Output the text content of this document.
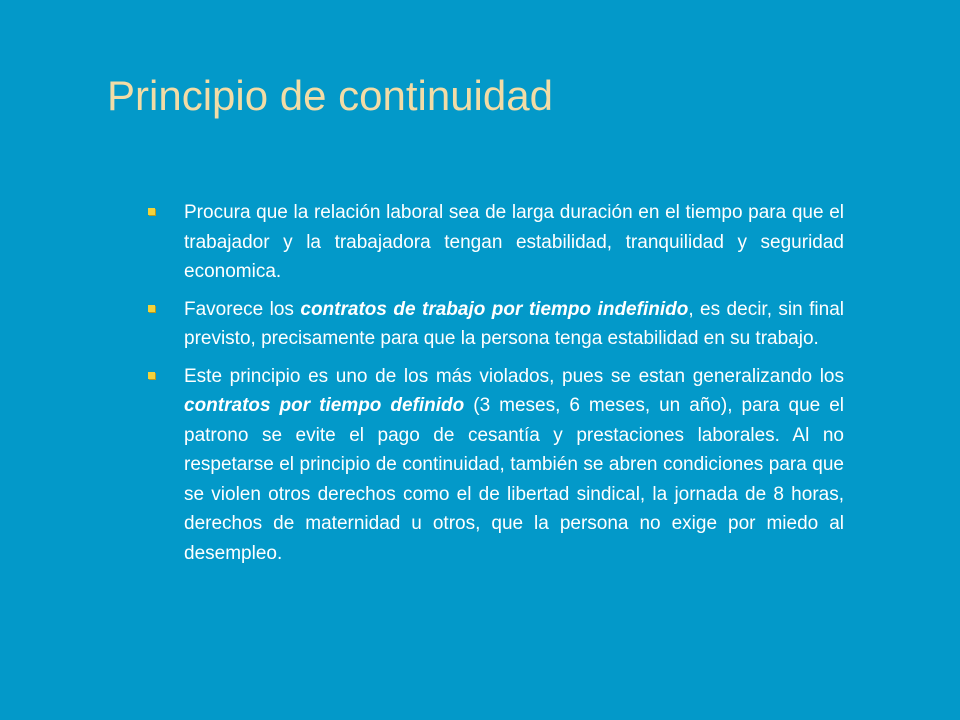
Principio de continuidad
Procura que la relación laboral sea de larga duración en el tiempo para que el trabajador y la trabajadora tengan estabilidad, tranquilidad y seguridad economica.
Favorece los contratos de trabajo por tiempo indefinido, es decir, sin final previsto, precisamente para que la persona tenga estabilidad en su trabajo.
Este principio es uno de los más violados, pues se estan generalizando los contratos por tiempo definido (3 meses, 6 meses, un año), para que el patrono se evite el pago de cesantía y prestaciones laborales. Al no respetarse el principio de continuidad, también se abren condiciones para que se violen otros derechos como el de libertad sindical, la jornada de 8 horas, derechos de maternidad u otros, que la persona no exige por miedo al desempleo.
